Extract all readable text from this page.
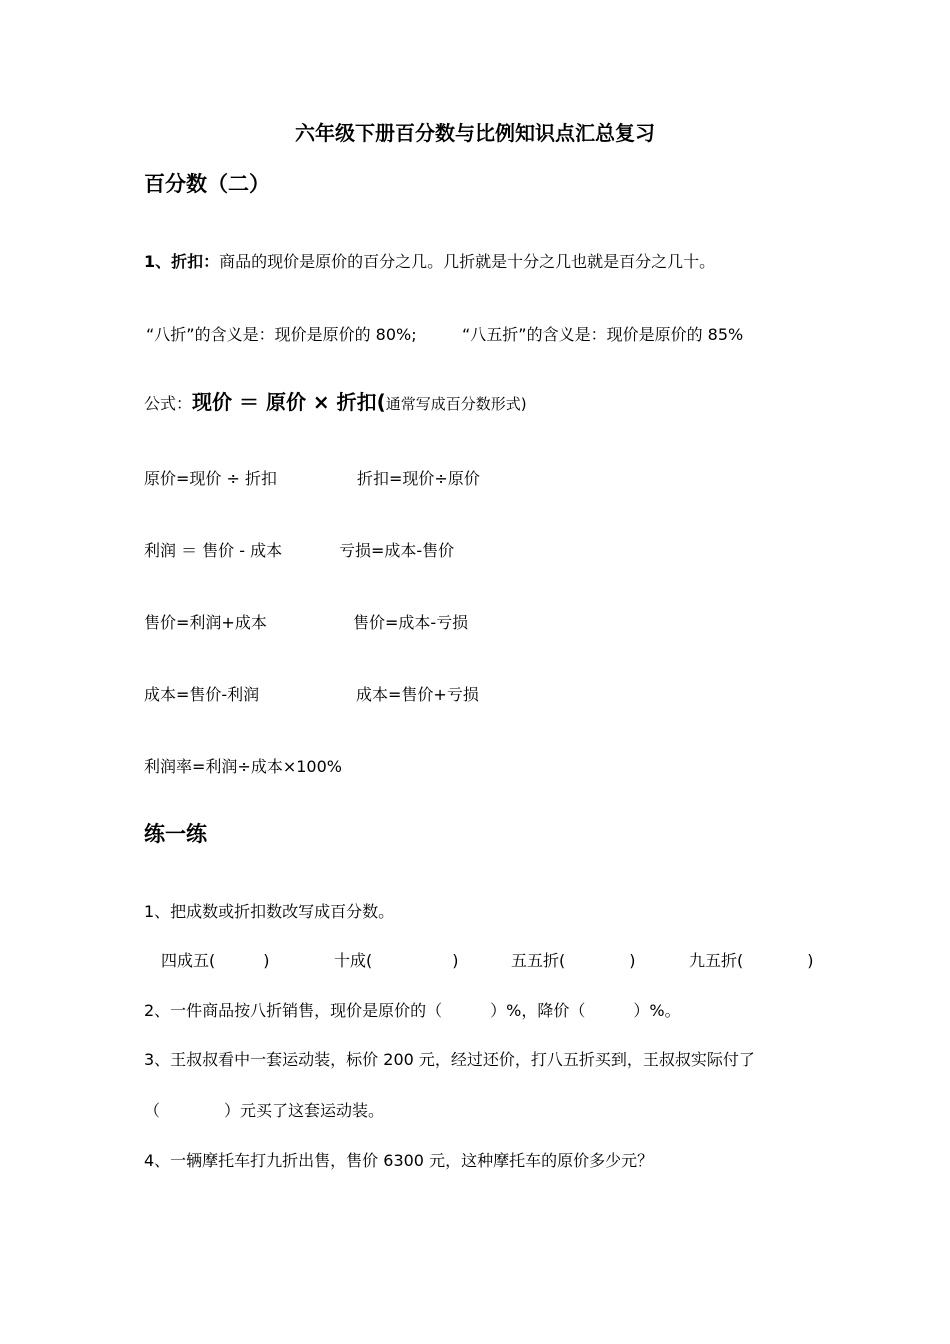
六年级下册百分数与比例知识点汇总复习
百分数（二）
1、折扣：商品的现价是原价的百分之几。几折就是十分之几也就是百分之几十。
“八折”的含义是：现价是原价的 80%;	“八五折”的含义是：现价是原价的 85%
公式：现价 ＝ 原价 × 折扣(通常写成百分数形式)
原价=现价 ÷ 折扣	折扣=现价÷原价
利润 ＝ 售价 - 成本	亏损=成本-售价
售价=利润+成本	售价=成本-亏损
成本=售价-利润	成本=售价+亏损
利润率=利润÷成本×100%
练一练
1、把成数或折扣数改写成百分数。
四成五(　　　)	十成(　　　　　)	五五折(　　　　)	九五折(　　　　)
2、一件商品按八折销售，现价是原价的（　　　）%，降价（　　　）%。
3、王叔叔看中一套运动装，标价 200 元，经过还价，打八五折买到，王叔叔实际付了
（　　　　）元买了这套运动装。
4、一辆摩托车打九折出售，售价 6300 元，这种摩托车的原价多少元？
